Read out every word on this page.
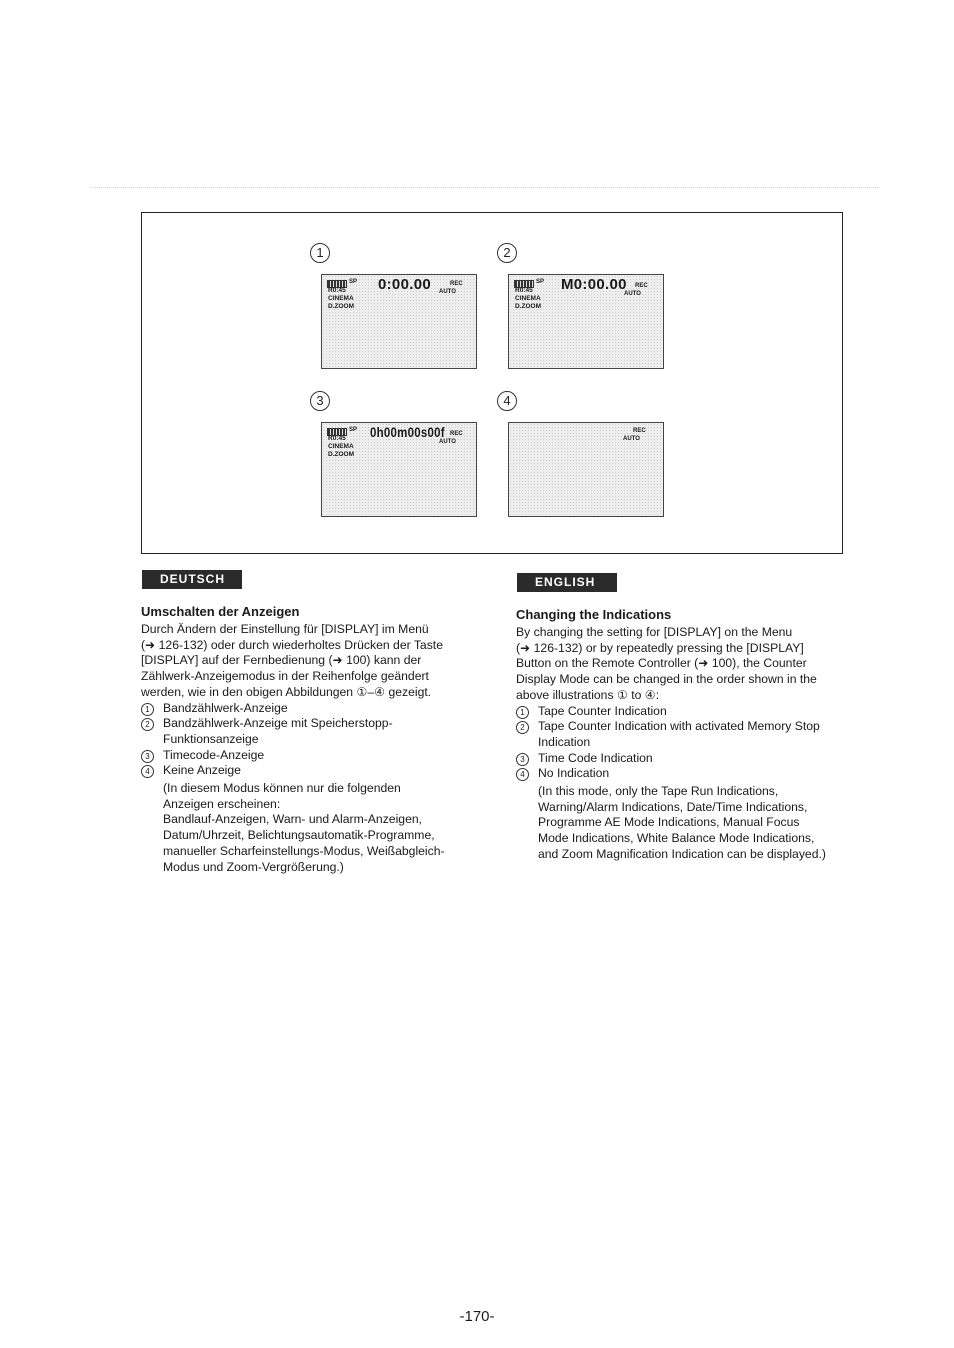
1
SP 0:00.00	REC
AUTO
R0:45
CINEMA
D.ZOOM
2
SP M0:00.00 REC
AUTO
R0:45
CINEMA
D.ZOOM
3
SP 0h00m00s00f REC
AUTO
R0:45
CINEMA
D.ZOOM
4
REC
AUTO
DEUTSCH
Umschalten der Anzeigen

Durch Ändern der Einstellung für [DISPLAY] im Menü
(➜ 126-132) oder durch wiederholtes Drücken der Taste
[DISPLAY] auf der Fernbedienung (➜ 100) kann der
Zählwerk-Anzeigemodus in der Reihenfolge geändert
werden, wie in den obigen Abbildungen ①–④ gezeigt.

1	Bandzählwerk-Anzeige
2	Bandzählwerk-Anzeige mit Speicherstopp-
Funktionsanzeige
3	Timecode-Anzeige
4	Keine Anzeige

(In diesem Modus können nur die folgenden
Anzeigen erscheinen:
Bandlauf-Anzeigen, Warn- und Alarm-Anzeigen,
Datum/Uhrzeit, Belichtungsautomatik-Programme,
manueller Scharfeinstellungs-Modus, Weißabgleich-
Modus und Zoom-Vergrößerung.)

ENGLISH
Changing the Indications

By changing the setting for [DISPLAY] on the Menu
(➜ 126-132) or by repeatedly pressing the [DISPLAY]
Button on the Remote Controller (➜ 100), the Counter
Display Mode can be changed in the order shown in the
above illustrations ① to ④:

1	Tape Counter Indication
2	Tape Counter Indication with activated Memory Stop
Indication
3	Time Code Indication
4	No Indication

(In this mode, only the Tape Run Indications,
Warning/Alarm Indications, Date/Time Indications,
Programme AE Mode Indications, Manual Focus
Mode Indications, White Balance Mode Indications,
and Zoom Magnification Indication can be displayed.)

-170-
